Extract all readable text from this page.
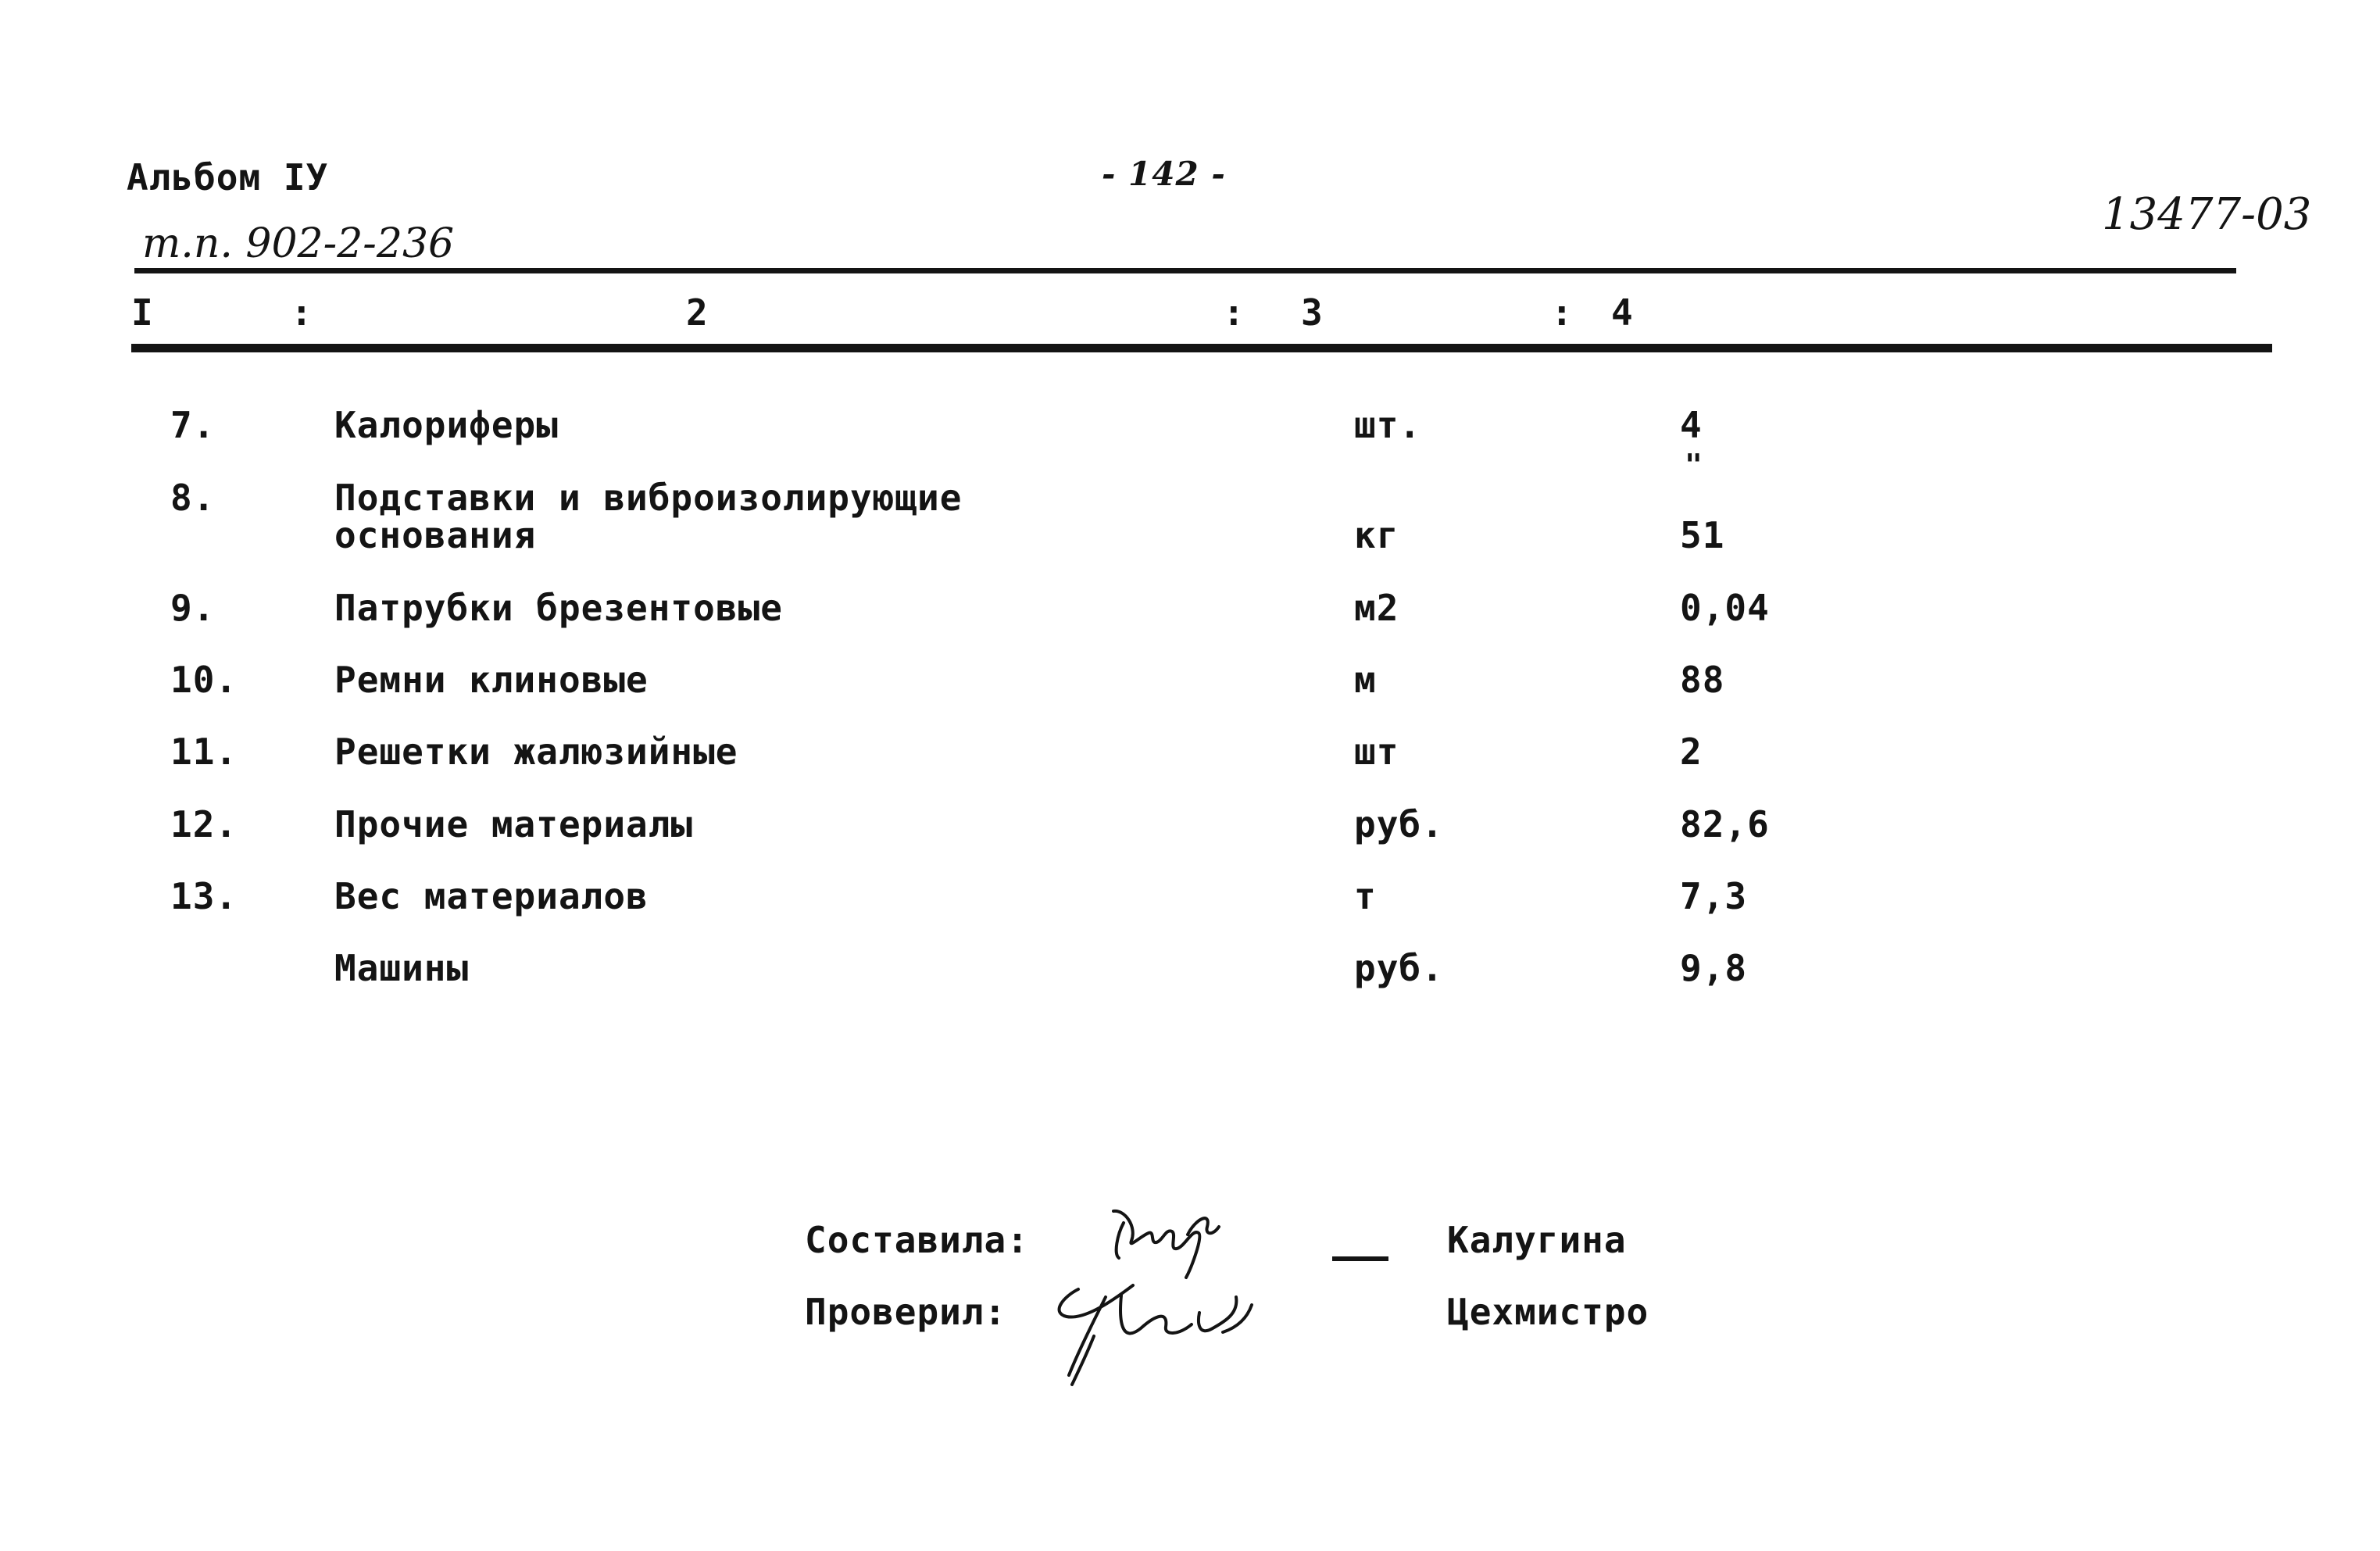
Альбом IУ	- 142 -
т.п. 902-2-236
13477-03
I	:	2	: 3	: 4
7.	Калориферы	шт.	4
"
8.	Подставки и виброизолирующие
основания	кг	51
9.	Патрубки брезентовые	м2	0,04
10.	Ремни клиновые	м	88
11.	Решетки жалюзийные	шт	2
12.	Прочие материалы	руб.	82,6
13.	Вес материалов	т	7,3
Машины	руб.	9,8
Составила:	Калугина
Проверил:	Цехмистро
